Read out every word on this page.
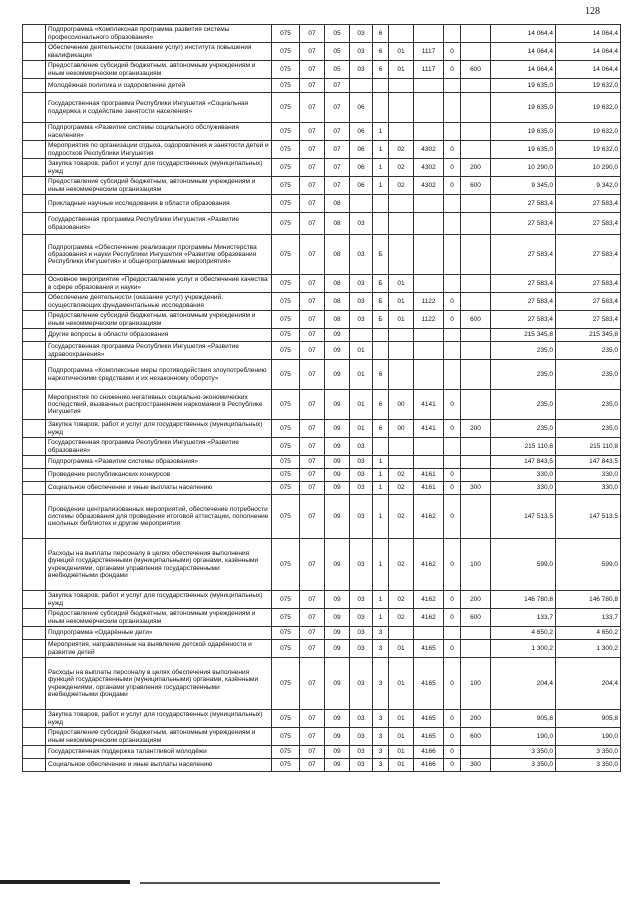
128
	Подпрограмма «Комплексная программа развития системы профессионального образования»	075	07	05	03	6					14 064,4	14 064,4
	Обеспечение деятельности (оказание услуг) институтa повышения квалификации	075	07	05	03	6	01	1117	0		14 064,4	14 064,4
	Предоставление субсидий бюджетным, автономным учреждениям и иным некоммерческим организациям	075	07	05	03	6	01	1117	0	600	14 064,4	14 064,4
	Молодёжная политика и оздоровление детей	075	07	07							19 635,0	19 632,0
	Государственная программа Республики Ингушетия «Социальная поддержка и содействие занятости населения»	075	07	07	06						19 635,0	19 632,0
	Подпрограмма «Развитие системы социального обслуживания населения»	075	07	07	06	1					19 635,0	19 632,0
	Мероприятия по организации отдыха, оздоровления и занятости детей и подростков Республики Ингушетия	075	07	07	06	1	02	4302	0		19 635,0	19 632,0
	Закупка товаров, работ и услуг для государственных (муниципальных) нужд	075	07	07	06	1	02	4302	0	200	10 290,0	10 290,0
	Предоставление субсидий бюджетным, автономным учреждениям и иным некоммерческим организациям	075	07	07	06	1	02	4302	0	600	9 345,0	9 342,0
	Прикладные научные исследования в области образования	075	07	08							27 583,4	27 583,4
	Государственная программа Республики Ингушетия «Развитие образования»	075	07	08	03						27 583,4	27 583,4
	Подпрограмма «Обеспечение реализации программы Министерства образования и науки Республики Ингушетия «Развитие образования Республики Ингушетия» и общепрограммные мероприятия»	075	07	08	03	Б					27 583,4	27 583,4
	Основное мероприятие «Предоставление услуг и обеспечение качества в сфере образования и науки»	075	07	08	03	Б	01				27 583,4	27 583,4
	Обеспечение деятельности (оказание услуг) учреждений, осуществляющих фундаментальные исследования	075	07	08	03	Б	01	1122	0		27 583,4	27 583,4
	Предоставление субсидий бюджетным, автономным учреждениям и иным некоммерческим организациям	075	07	08	03	Б	01	1122	0	600	27 583,4	27 583,4
	Другие вопросы в области образования	075	07	09							215 345,8	215 345,8
	Государственная программа Республики Ингушетия «Развитие здравоохранения»	075	07	09	01						235,0	235,0
	Подпрограмма «Комплексные меры противодействия злоупотреблению наркотическими средствами и их незаконному обороту»	075	07	09	01	6					235,0	235,0
	Мероприятия по снижению негативных социально-экономических последствий, вызванных распространением наркомании в Республике Ингушетия	075	07	09	01	6	00	4141	0		235,0	235,0
	Закупка товаров, работ и услуг для государственных (муниципальных) нужд	075	07	09	01	6	00	4141	0	200	235,0	235,0
	Государственная программа Республики Ингушетия «Развитие образования»	075	07	09	03						215 110,8	215 110,8
	Подпрограмма «Развитие системы образования»	075	07	09	03	1					147 843,5	147 843,5
	Проведение республиканских конкурсов	075	07	09	03	1	02	4161	0		330,0	330,0
	Социальное обеспечение и иные выплаты населению	075	07	09	03	1	02	4161	0	300	330,0	330,0
	Проведение централизованных мероприятий, обеспечение потребности системы образования для проведения итоговой аттестации, пополнение школьных библиотек и другие мероприятия	075	07	09	03	1	02	4162	0		147 513,5	147 513,5
	Расходы на выплаты персоналу в целях обеспечения выполнения функций государственными (муниципальными) органами, казёнными учреждениями, органами управления государственными внебюджетными фондами	075	07	09	03	1	02	4162	0	100	599,0	599,0
	Закупка товаров, работ и услуг для государственных (муниципальных) нужд	075	07	09	03	1	02	4162	0	200	146 780,8	146 780,8
	Предоставление субсидий бюджетным, автономным учреждениям и иным некоммерческим организациям	075	07	09	03	1	02	4162	0	600	133,7	133,7
	Подпрограмма «Одарённые дети»	075	07	09	03	3					4 650,2	4 650,2
	Мероприятия, направленные на выявление детской одарённости и развитие детей	075	07	09	03	3	01	4165	0		1 300,2	1 300,2
	Расходы на выплаты персоналу в целях обеспечения выполнения функций государственными (муниципальными) органами, казёнными учреждениями, органами управления государственными внебюджетными фондами	075	07	09	03	3	01	4165	0	100	204,4	204,4
	Закупка товаров, работ и услуг для государственных (муниципальных) нужд	075	07	09	03	3	01	4165	0	200	905,8	905,8
	Предоставление субсидий бюджетным, автономным учреждениям и иным некоммерческим организациям	075	07	09	03	3	01	4165	0	600	190,0	190,0
	Государственная поддержка талантливой молодёжи	075	07	09	03	3	01	4166	0		3 350,0	3 350,0
	Социальное обеспечение и иные выплаты населению	075	07	09	03	3	01	4166	0	300	3 350,0	3 350,0
